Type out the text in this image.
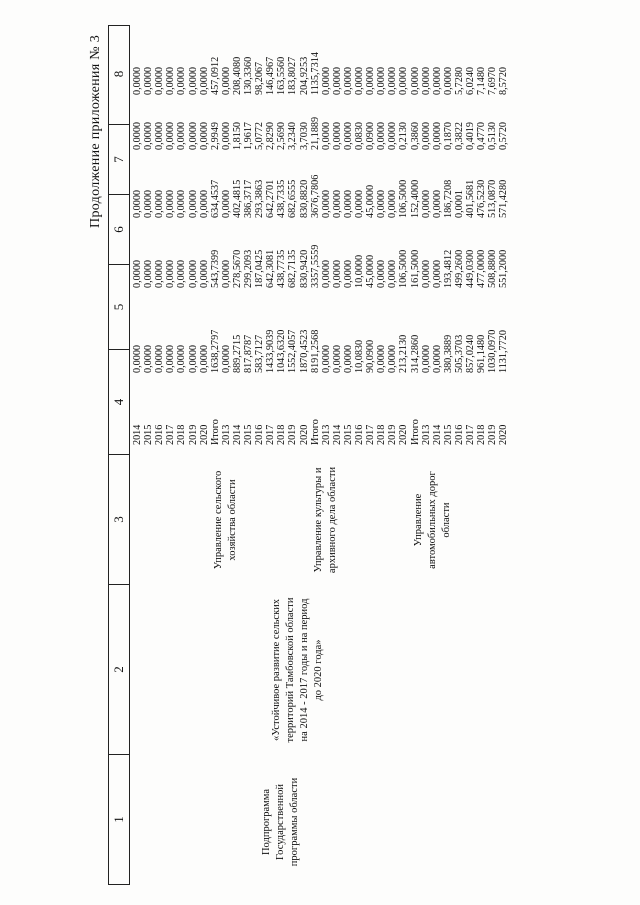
Продолжение приложения № 3
1
2
3
4
5
6
7
8
Подпрограмма Государственной программы области
«Устойчивое развитие сельских территорий Тамбовской области на 2014 - 2017 годы и на период до 2020 года»
2014
0,0000
0,0000
0,0000
0,0000
0,0000
2015
0,0000
0,0000
0,0000
0,0000
0,0000
2016
0,0000
0,0000
0,0000
0,0000
0,0000
2017
0,0000
0,0000
0,0000
0,0000
0,0000
2018
0,0000
0,0000
0,0000
0,0000
0,0000
2019
0,0000
0,0000
0,0000
0,0000
0,0000
2020
0,0000
0,0000
0,0000
0,0000
0,0000
Управление сельского хозяйства области
Итого
1638,2797
543,7399
634,4537
2,9949
457,0912
2013
0,0000
0,0000
0,0000
0,0000
0,0000
2014
889,2715
278,5670
402,4815
1,8150
208,4080
2015
817,8787
299,2093
386,3717
1,9617
130,3360
2016
583,7127
187,0425
293,3863
5,0772
98,2067
2017
1433,9039
642,3081
642,2701
2,8290
146,4967
2018
1043,6320
438,7735
438,7335
2,5690
163,5560
2019
1552,4057
682,7135
682,6555
3,2340
183,8027
2020
1870,4523
830,9420
830,8820
3,7030
204,9253
Управление культуры и архивного дела области
Итого
8191,2568
3357,5559
3676,7806
21,1889
1135,7314
2013
0,0000
0,0000
0,0000
0,0000
0,0000
2014
0,0000
0,0000
0,0000
0,0000
0,0000
2015
0,0000
0,0000
0,0000
0,0000
0,0000
2016
10,0830
10,0000
0,0000
0,0830
0,0000
2017
90,0900
45,0000
45,0000
0,0900
0,0000
2018
0,0000
0,0000
0,0000
0,0000
0,0000
2019
0,0000
0,0000
0,0000
0,0000
0,0000
2020
213,2130
106,5000
106,5000
0,2130
0,0000
Управление автомобильных дорог области
Итого
314,2860
161,5000
152,4000
0,3860
0,0000
2013
0,0000
0,0000
0,0000
0,0000
0,0000
2014
0,0000
0,0000
0,0000
0,0000
0,0000
2015
380,3889
193,4812
186,7208
0,1870
0,0000
2016
505,3703
499,2600
0,0001
0,3822
5,7280
2017
857,0240
449,0300
401,5681
0,4019
6,0240
2018
961,1480
477,0000
476,5230
0,4770
7,1480
2019
1030,0970
508,8800
513,0870
0,5130
7,6970
2020
1131,7720
551,2000
571,4280
0,5720
8,5720
